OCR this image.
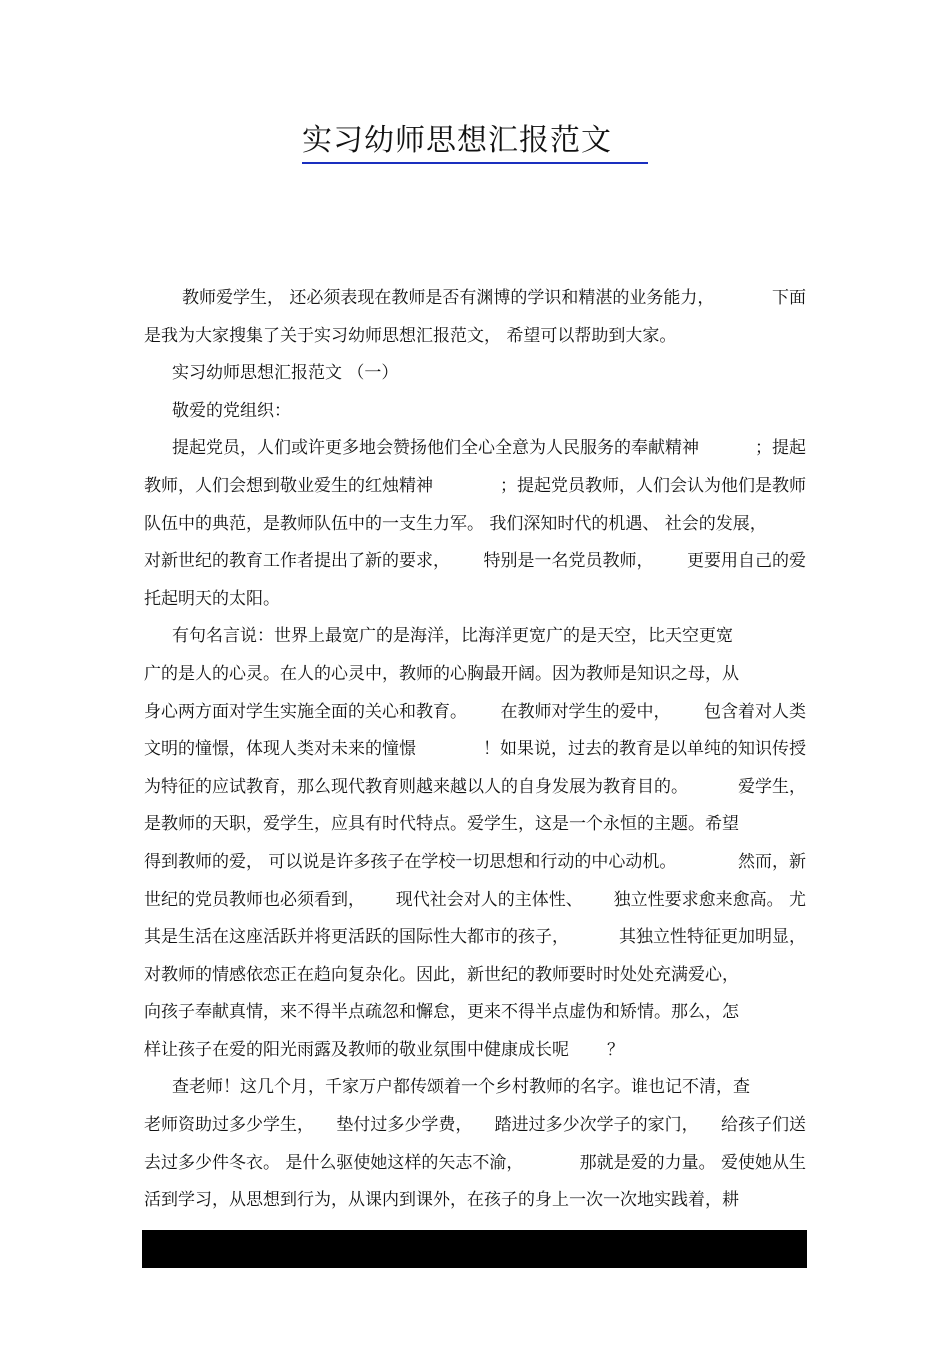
实习幼师思想汇报范文
教师爱学生， 还必须表现在教师是否有渊博的学识和精湛的业务能力，	下面
是我为大家搜集了关于实习幼师思想汇报范文， 希望可以帮助到大家。
实习幼师思想汇报范文 （一）
敬爱的党组织：
提起党员，人们或许更多地会赞扬他们全心全意为人民服务的奉献精神	；提起
教师，人们会想到敬业爱生的红烛精神	；提起党员教师，人们会认为他们是教师
队伍中的典范，是教师队伍中的一支生力军。 我们深知时代的机遇、 社会的发展，
对新世纪的教育工作者提出了新的要求， 特别是一名党员教师， 更要用自己的爱
托起明天的太阳。
有句名言说：世界上最宽广的是海洋，比海洋更宽广的是天空，比天空更宽
广的是人的心灵。在人的心灵中，教师的心胸最开阔。因为教师是知识之母，从
身心两方面对学生实施全面的关心和教育。 在教师对学生的爱中， 包含着对人类
文明的憧憬，体现人类对未来的憧憬	！如果说，过去的教育是以单纯的知识传授
为特征的应试教育，那么现代教育则越来越以人的自身发展为教育目的。	爱学生，
是教师的天职，爱学生，应具有时代特点。爱学生，这是一个永恒的主题。希望
得到教师的爱， 可以说是许多孩子在学校一切思想和行动的中心动机。	然而，新
世纪的党员教师也必须看到， 现代社会对人的主体性、 独立性要求愈来愈高。 尤
其是生活在这座活跃并将更活跃的国际性大都市的孩子，	其独立性特征更加明显，
对教师的情感依恋正在趋向复杂化。因此，新世纪的教师要时时处处充满爱心，
向孩子奉献真情，来不得半点疏忽和懈怠，更来不得半点虚伪和矫情。那么，怎
样让孩子在爱的阳光雨露及教师的敬业氛围中健康成长呢	？
查老师！这几个月，千家万户都传颂着一个乡村教师的名字。谁也记不清，查
老师资助过多少学生， 垫付过多少学费， 踏进过多少次学子的家门， 给孩子们送
去过多少件冬衣。 是什么驱使她这样的矢志不渝，	那就是爱的力量。 爱使她从生
活到学习，从思想到行为，从课内到课外，在孩子的身上一次一次地实践着，耕
